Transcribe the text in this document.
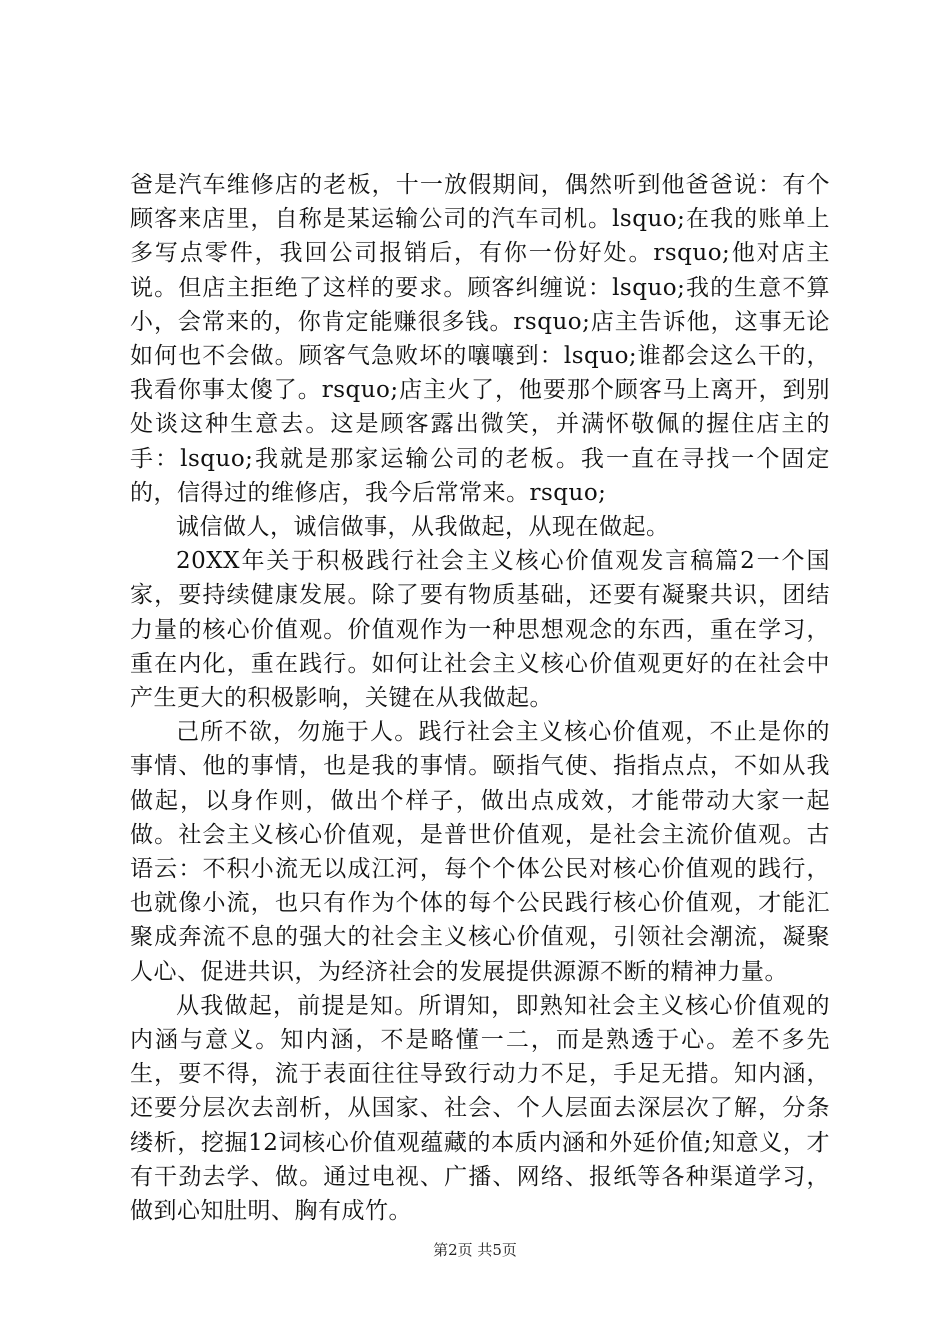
爸是汽车维修店的老板，十一放假期间，偶然听到他爸爸说：有个顾客来店里，自称是某运输公司的汽车司机。lsquo;在我的账单上多写点零件，我回公司报销后，有你一份好处。rsquo;他对店主说。但店主拒绝了这样的要求。顾客纠缠说：lsquo;我的生意不算小，会常来的，你肯定能赚很多钱。rsquo;店主告诉他，这事无论如何也不会做。顾客气急败坏的嚷嚷到：lsquo;谁都会这么干的，我看你事太傻了。rsquo;店主火了，他要那个顾客马上离开，到别处谈这种生意去。这是顾客露出微笑，并满怀敬佩的握住店主的手：lsquo;我就是那家运输公司的老板。我一直在寻找一个固定的，信得过的维修店，我今后常常来。rsquo;

诚信做人，诚信做事，从我做起，从现在做起。

20XX年关于积极践行社会主义核心价值观发言稿篇2一个国家，要持续健康发展。除了要有物质基础，还要有凝聚共识，团结力量的核心价值观。价值观作为一种思想观念的东西，重在学习，重在内化，重在践行。如何让社会主义核心价值观更好的在社会中产生更大的积极影响，关键在从我做起。

己所不欲，勿施于人。践行社会主义核心价值观，不止是你的事情、他的事情，也是我的事情。颐指气使、指指点点，不如从我做起，以身作则，做出个样子，做出点成效，才能带动大家一起做。社会主义核心价值观，是普世价值观，是社会主流价值观。古语云：不积小流无以成江河，每个个体公民对核心价值观的践行，也就像小流，也只有作为个体的每个公民践行核心价值观，才能汇聚成奔流不息的强大的社会主义核心价值观，引领社会潮流，凝聚人心、促进共识，为经济社会的发展提供源源不断的精神力量。

从我做起，前提是知。所谓知，即熟知社会主义核心价值观的内涵与意义。知内涵，不是略懂一二，而是熟透于心。差不多先生，要不得，流于表面往往导致行动力不足，手足无措。知内涵，还要分层次去剖析，从国家、社会、个人层面去深层次了解，分条缕析，挖掘12词核心价值观蕴藏的本质内涵和外延价值;知意义，才有干劲去学、做。通过电视、广播、网络、报纸等各种渠道学习，做到心知肚明、胸有成竹。

第2页 共5页
